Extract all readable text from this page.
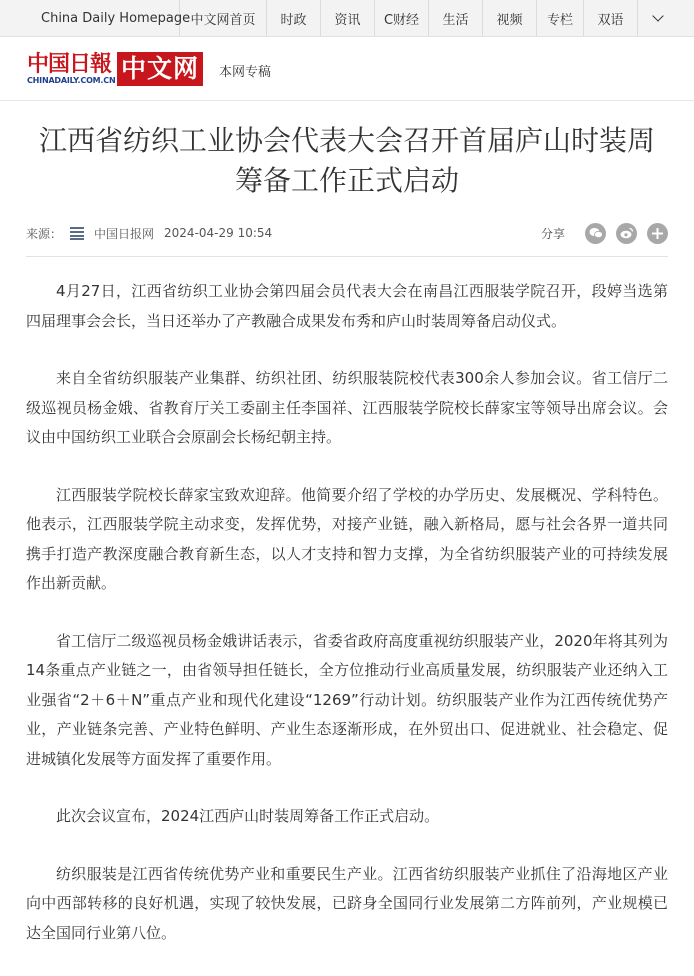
China Daily Homepage 中文网首页	时政	资讯	C财经	生活	视频	专栏	双语
中国日報
CHINADAILY.COM.CN 中文网	本网专稿
江西省纺织工业协会代表大会召开首届庐山时装周筹备工作正式启动
来源：	中国日报网 2024-04-29 10:54	分享

4月27日，江西省纺织工业协会第四届会员代表大会在南昌江西服装学院召开，段婷当选第四届理事会会长，当日还举办了产教融合成果发布秀和庐山时装周筹备启动仪式。

来自全省纺织服装产业集群、纺织社团、纺织服装院校代表300余人参加会议。省工信厅二级巡视员杨金娥、省教育厅关工委副主任李国祥、江西服装学院校长薛家宝等领导出席会议。会议由中国纺织工业联合会原副会长杨纪朝主持。

江西服装学院校长薛家宝致欢迎辞。他简要介绍了学校的办学历史、发展概况、学科特色。他表示，江西服装学院主动求变，发挥优势，对接产业链，融入新格局，愿与社会各界一道共同携手打造产教深度融合教育新生态，以人才支持和智力支撑，为全省纺织服装产业的可持续发展作出新贡献。

省工信厅二级巡视员杨金娥讲话表示，省委省政府高度重视纺织服装产业，2020年将其列为14条重点产业链之一，由省领导担任链长，全方位推动行业高质量发展，纺织服装产业还纳入工业强省“2＋6＋N”重点产业和现代化建设“1269”行动计划。纺织服装产业作为江西传统优势产业，产业链条完善、产业特色鲜明、产业生态逐渐形成，在外贸出口、促进就业、社会稳定、促进城镇化发展等方面发挥了重要作用。

此次会议宣布，2024江西庐山时装周筹备工作正式启动。

纺织服装是江西省传统优势产业和重要民生产业。江西省纺织服装产业抓住了沿海地区产业向中西部转移的良好机遇，实现了较快发展，已跻身全国同行业发展第二方阵前列，产业规模已达全国同行业第八位。
